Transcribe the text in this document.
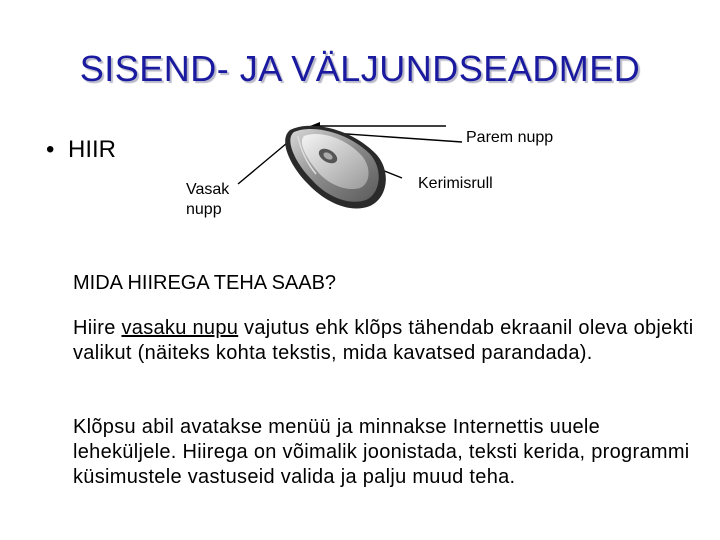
SISEND- JA VÄLJUNDSEADMED
• HIIR	Parem nupp
Kerimisrull
Vasak
nupp
MIDA HIIREGA TEHA SAAB?
Hiire vasaku nupu vajutus ehk klõps tähendab ekraanil oleva objekti valikut (näiteks kohta tekstis, mida kavatsed parandada).
Klõpsu abil avatakse menüü ja minnakse Internettis uuele leheküljele. Hiirega on võimalik joonistada, teksti kerida, programmi küsimustele vastuseid valida ja palju muud teha.
